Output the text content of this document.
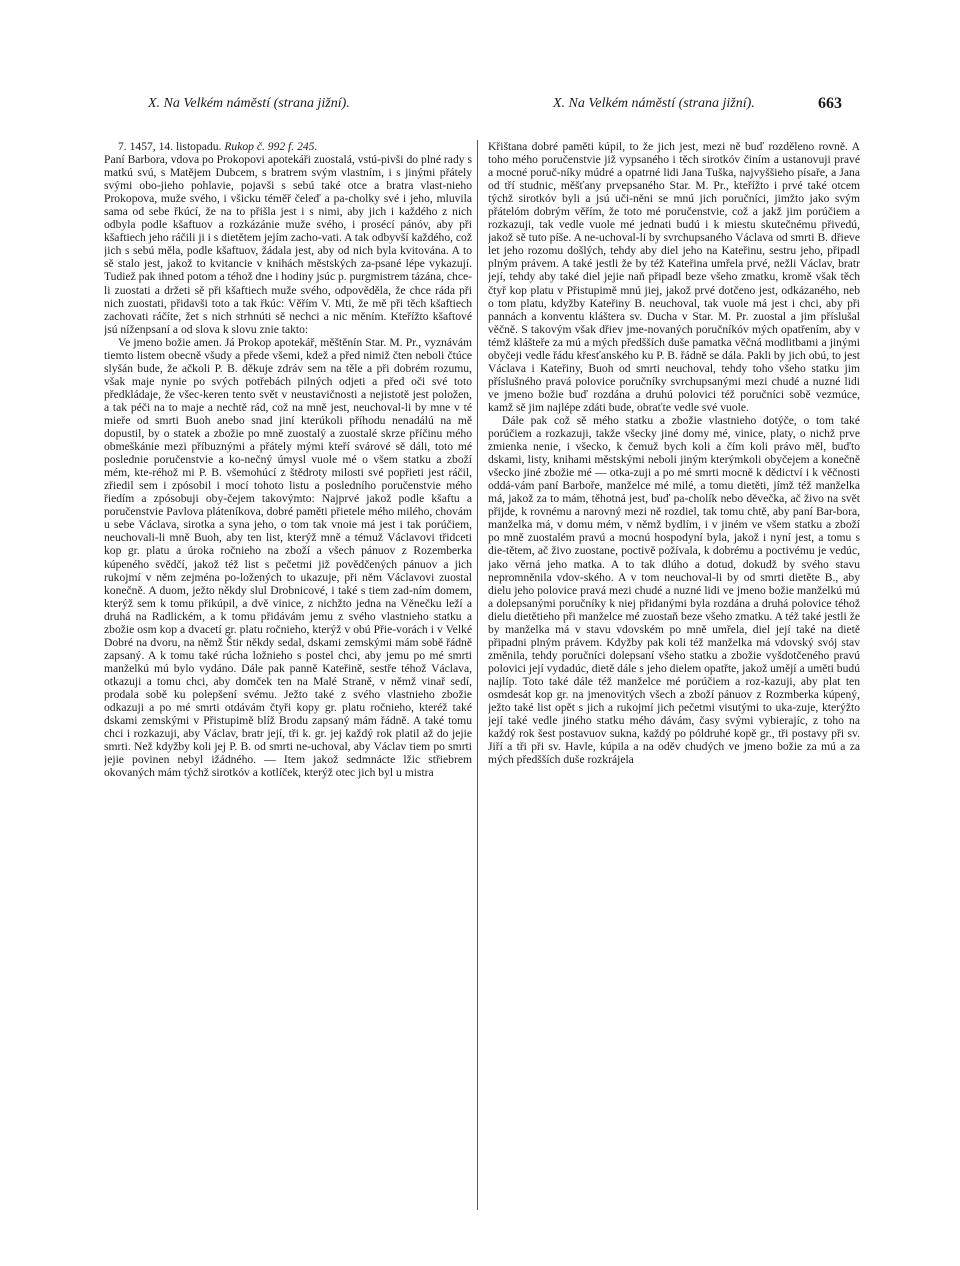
X. Na Velkém náměstí (strana jižní).	X. Na Velkém náměstí (strana jižní).	663

7. 1457, 14. listopadu. Rukop č. 992 f. 245.

Paní Barbora, vdova po Prokopovi apotekáři zuostalá, vstú-pivši do plné rady s matkú svú, s Matějem Dubcem, s bratrem svým vlastním, i s jinými přátely svými obo-jieho pohlavie, pojavši s sebú také otce a bratra vlast-nieho Prokopova, muže svého, i všicku téměř čeleď a pa-cholky své i jeho, mluvila sama od sebe řkúcí, že na to přišla jest i s nimi, aby jich i každého z nich odbyla podle kšaftuov a rozkázánie muže svého, i prosécí pánóv, aby při kšaftiech jeho ráčili ji i s dietětem jejím zacho-vati. A tak odbyvší každého, což jich s sebú měla, podle kšaftuov, žádala jest, aby od nich byla kvitována. A to sě stalo jest, jakož to kvitancie v knihách městských za-psané lépe vykazují. Tudiež pak ihned potom a téhož dne i hodiny jsúc p. purgmistrem tázána, chce-li zuostati a držeti sě při kšaftiech muže svého, odpověděla, že chce ráda při nich zuostati, přidavši toto a tak řkúc: Věřím V. Mti, že mě při těch kšaftiech zachovati ráčíte, žet s nich strhnúti sě nechci a nic měním. Kteřížto kšaftové jsú níženpsaní a od slova k slovu znie takto:

Ve jmeno božie amen. Já Prokop apotekář, měštěnín Star. M. Pr., vyznávám tiemto listem obecně všudy a přede všemi, kdež a před nimiž čten neboli čtúce slyšán bude, že ačkoli P. B. děkuje zdráv sem na těle a při dobrém rozumu, však maje nynie po svých potřebách pilných odjeti a před oči své toto předkládaje, že všec-keren tento svět v neustavičnosti a nejistotě jest položen, a tak péči na to maje a nechtě rád, což na mně jest, neuchoval-li by mne v té mieře od smrti Buoh anebo snad jiní kterúkoli příhodu nenadálú na mě dopustil, by o statek a zbožie po mně zuostalý a zuostalé skrze příčinu mého obmeškánie mezi příbuznými a přátely mými kteří svárové sě dáli, toto mé poslednie poručenstvie a ko-nečný úmysl vuole mé o všem statku a zboží mém, kte-réhož mi P. B. všemohúcí z štědroty milosti své popřieti jest ráčil, zřiedil sem i zpósobil i mocí tohoto listu a posledního poručenstvie mého řiedím a zpósobuji oby-čejem takovýmto: Najprvé jakož podle kšaftu a poručenstvie Pavlova pláteníkova, dobré paměti přietele mého milého, chovám u sebe Václava, sirotka a syna jeho, o tom tak vnoie má jest i tak porúčiem, neuchovali-li mně Buoh, aby ten list, kterýž mně a témuž Václavovi třidceti kop gr. platu a úroka ročnieho na zboží a všech pánuov z Rozemberka kúpeného svědčí, jakož též list s pečetmi již povědčených pánuov a jich rukojmí v něm zejména po-ložených to ukazuje, při něm Václavovi zuostal konečně. A duom, ježto někdy slul Drobnicové, i také s tiem zad-ním domem, kterýž sem k tomu přikúpil, a dvě vinice, z nichžto jedna na Věnečku leží a druhá na Radlickém, a k tomu přidávám jemu z svého vlastnieho statku a zbožie osm kop a dvacetí gr. platu ročnieho, kterýž v obú Přie-vorách i v Velké Dobré na dvoru, na němž Štir někdy sedal, dskami zemskými mám sobě řádně zapsaný. A k tomu také rúcha ložnieho s postel chci, aby jemu po mé smrti manželkú mú bylo vydáno. Dále pak panně Kateřině, sestře téhož Václava, otkazuji a tomu chci, aby domček ten na Malé Straně, v němž vinař sedí, prodala sobě ku polepšení svému. Ježto také z svého vlastnieho zbožie odkazuji a po mé smrti otdávám čtyři kopy gr. platu ročnieho, kteréž také dskami zemskými v Přistupimě blíž Brodu zapsaný mám řádně. A také tomu chci i rozkazuji, aby Václav, bratr její, tři k. gr. jej každý rok platil až do jejie smrti. Než kdyžby koli jej P. B. od smrti ne-uchoval, aby Václav tiem po smrti jejie povinen nebyl ižádného. — Item jakož sedmnácte lžic střiebrem okovaných mám týchž sirotkóv a kotlíček, kterýž otec jich byl u mistra

Křištana dobré paměti kúpil, to že jich jest, mezi ně buď rozděleno rovně. A toho mého poručenstvie již vypsaného i těch sirotkóv činím a ustanovuji pravé a mocné poruč-níky múdré a opatrné lidi Jana Tuška, najvyššieho písaře, a Jana od tří studnic, měšťany prvepsaného Star. M. Pr., kteřížto i prvé také otcem týchž sirotkóv byli a jsú uči-něni se mnú jich poručníci, jimžto jako svým přátelóm dobrým věřím, že toto mé poručenstvie, což a jakž jim porúčiem a rozkazuji, tak vedle vuole mé jednati budú i k miestu skutečnému přivedú, jakož sě tuto píše. A ne-uchoval-li by svrchupsaného Václava od smrti B. dřieve let jeho rozomu došlých, tehdy aby diel jeho na Kateřinu, sestru jeho, připadl plným právem. A také jestli že by též Kateřina umřela prvé, nežli Václav, bratr její, tehdy aby také diel jejie naň připadl beze všeho zmatku, kromě však těch čtyř kop platu v Přistupimě mnú jiej, jakož prvé dotčeno jest, odkázaného, neb o tom platu, kdyžby Kateřiny B. neuchoval, tak vuole má jest i chci, aby při pannách a konventu kláštera sv. Ducha v Star. M. Pr. zuostal a jim příslušal věčně. S takovým však dřiev jme-novaných poručníkóv mých opatřením, aby v témž klášteře za mú a mých předšších duše pamatka věčná modlitbami a jinými obyčeji vedle řádu křesťanského ku P. B. řádně se dála. Pakli by jich obú, to jest Václava i Kateřiny, Buoh od smrti neuchoval, tehdy toho všeho statku jim příslušného pravá polovice poručníky svrchupsanými mezi chudé a nuzné lidi ve jmeno božie buď rozdána a druhú polovici též poručníci sobě vezmúce, kamž sě jim najlépe zdáti bude, obraťte vedle své vuole.

Dále pak což sě mého statku a zbožie vlastnieho dotýče, o tom také porúčiem a rozkazuji, takže všecky jiné domy mé, vinice, platy, o nichž prve zmienka nenie, i všecko, k čemuž bych koli a čím koli právo měl, buďto dskami, listy, knihami městskými neboli jiným kterýmkoli obyčejem a konečně všecko jiné zbožie mé — otka-zuji a po mé smrti mocně k dědictví i k věčnosti oddá-vám paní Barboře, manželce mé milé, a tomu dietěti, jímž též manželka má, jakož za to mám, těhotná jest, buď pa-cholík nebo děvečka, ač živo na svět přijde, k rovnému a narovný mezi ně rozdiel, tak tomu chtě, aby paní Bar-bora, manželka má, v domu mém, v němž bydlím, i v jiném ve všem statku a zboží po mně zuostalém pravú a mocnú hospodyní byla, jakož i nyní jest, a tomu s die-tětem, ač živo zuostane, poctivě požívala, k dobrému a poctivému je vedúc, jako věrná jeho matka. A to tak dlúho a dotud, dokudž by svého stavu nepromněnila vdov-ského. A v tom neuchoval-li by od smrti dietěte B., aby dielu jeho polovice pravá mezi chudé a nuzné lidi ve jmeno božie manželkú mú a dolepsanými poručníky k niej přidanými byla rozdána a druhá polovice téhož dielu dietětieho při manželce mé zuostaň beze všeho zmatku. A též také jestli že by manželka má v stavu vdovském po mně umřela, diel její také na dietě připadni plným právem. Kdyžby pak koli též manželka má vdovský svój stav změnila, tehdy poručníci dolepsaní všeho statku a zbožie vyšdotčeného pravú polovici její vydadúc, dietě dále s jeho dielem opatřte, jakož umějí a uměti budú najlíp. Toto také dále též manželce mé porúčiem a roz-kazuji, aby plat ten osmdesát kop gr. na jmenovitých všech a zboží pánuov z Rozmberka kúpený, ježto také list opět s jich a rukojmí jich pečetmi visutými to uka-zuje, kterýžto její také vedle jiného statku mého dávám, časy svými vybierajíc, z toho na každý rok šest postavuov sukna, každý po póldruhé kopě gr., tři postavy při sv. Jiří a tři při sv. Havle, kúpila a na oděv chudých ve jmeno božie za mú a za mých předšších duše rozkrájela
